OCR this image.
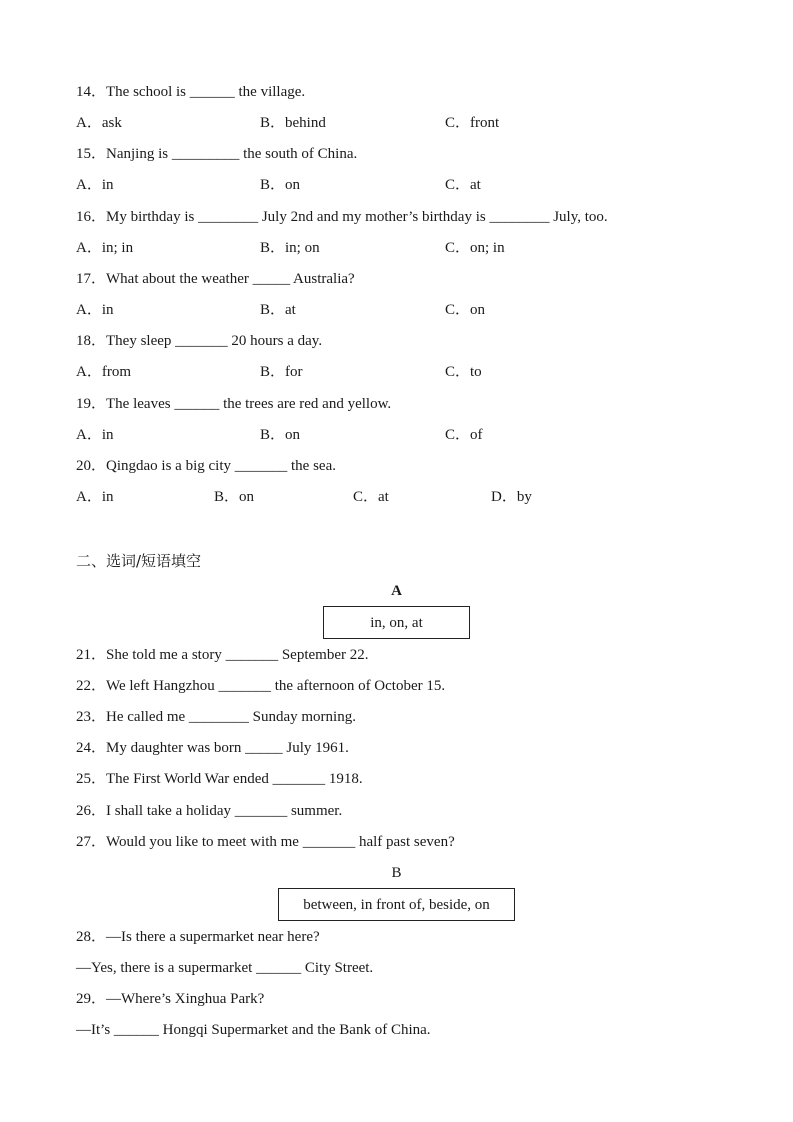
14．The school is ______ the village.
A．ask	B．behind	C．front
15．Nanjing is _________ the south of China.
A．in	B．on	C．at
16．My birthday is ________ July 2nd and my mother’s birthday is ________ July, too.
A．in; in	B．in; on	C．on; in
17．What about the weather _____ Australia?
A．in	B．at	C．on
18．They sleep _______ 20 hours a day.
A．from	B．for	C．to
19．The leaves ______ the trees are red and yellow.
A．in	B．on	C．of
20．Qingdao is a big city _______ the sea.
A．in	B．on	C．at	D．by
二、选词/短语填空
A
in, on, at
21．She told me a story _______ September 22.
22．We left Hangzhou _______ the afternoon of October 15.
23．He called me ________ Sunday morning.
24．My daughter was born _____ July 1961.
25．The First World War ended _______ 1918.
26．I shall take a holiday _______ summer.
27．Would you like to meet with me _______ half past seven?
B
between, in front of, beside, on
28．—Is there a supermarket near here?
—Yes, there is a supermarket ______ City Street.
29．—Where’s Xinghua Park?
—It’s ______ Hongqi Supermarket and the Bank of China.
